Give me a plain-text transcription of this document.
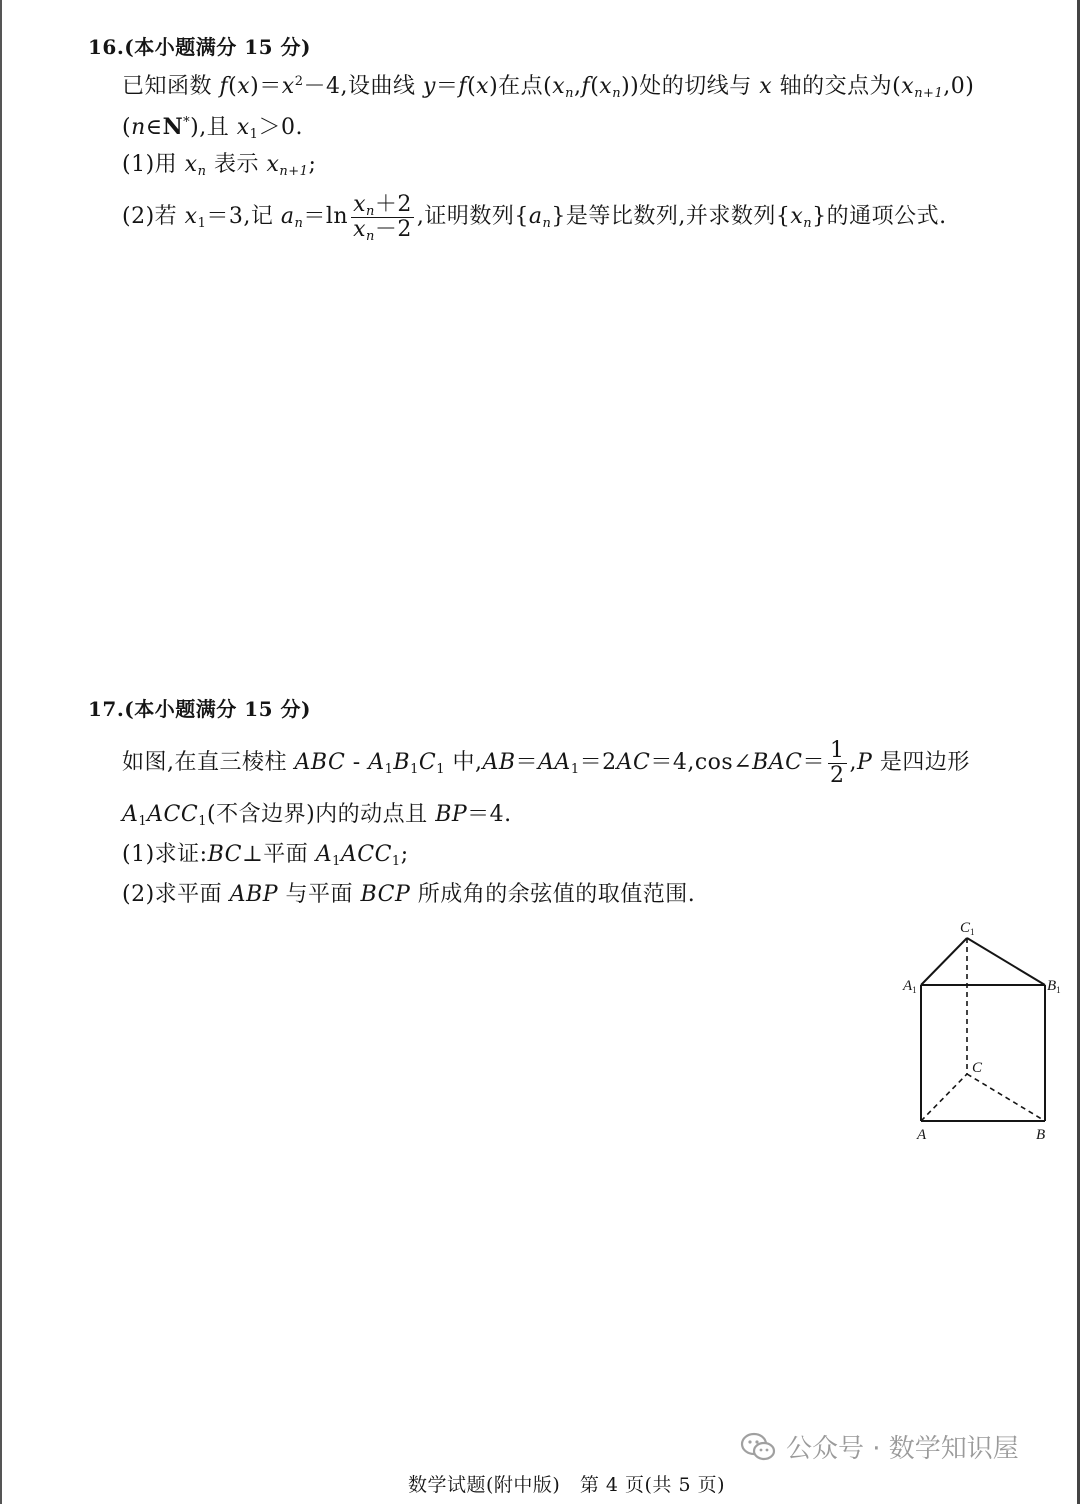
16.(本小题满分 15 分)
已知函数 $f(x)=x^2-4$,设曲线 y＝f(x)在点$(x_n,f(x_n))$处的切线与 x 轴的交点为$(x_{n+1},0)$
(n∈N*),且 $x_1>0$.
(1)用 $x_n$ 表示 $x_{n+1}$;
(2)若 $x_1=3$,记 $a_n=\ln \frac{x_n+2}{x_n-2}$ ,证明数列$\{a_n\}$是等比数列,并求数列$\{x_n\}$的通项公式.
17.(本小题满分 15 分)
如图,在直三棱柱 ABC - $A_1B_1C_1$ 中$,AB=AA_1=2AC=4,\cos\angle BAC= \frac{1}{2} ,P$ 是四边形
$A_1ACC_1$(不含边界)内的动点且 BP＝4.
(1)求证:BC⊥平面 $A_1ACC_1$;
(2)求平面 ABP 与平面 BCP 所成角的余弦值的取值范围.
$C_1$
$A_1$	$B_1$
C
A	B
公众号 · 数学知识屋
数学试题(附中版)　第 4 页(共 5 页)
